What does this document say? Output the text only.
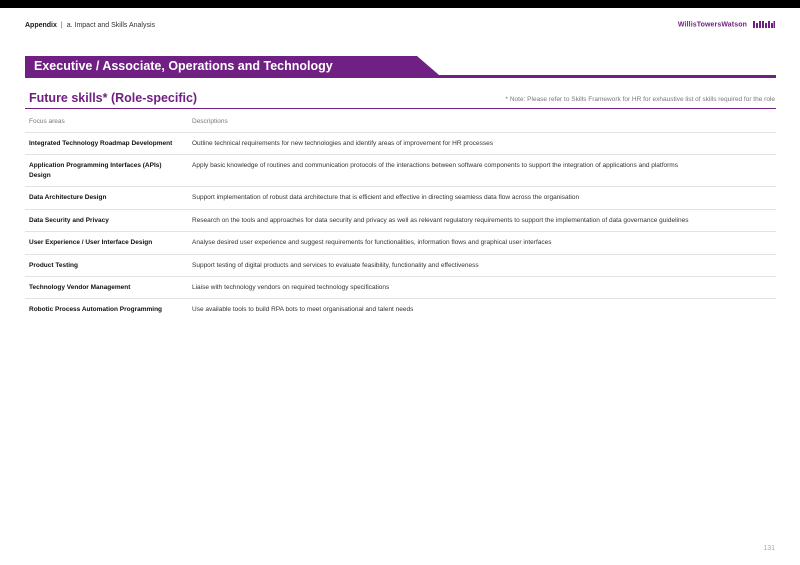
Appendix | a. Impact and Skills Analysis	WillisTowersWatson
Executive / Associate, Operations and Technology
Future skills* (Role-specific)	* Note: Please refer to Skills Framework for HR for exhaustive list of skills required for the role
Focus areas	Descriptions
Integrated Technology Roadmap Development	Outline technical requirements for new technologies and identify areas of improvement for HR processes
Application Programming Interfaces (APIs) Design	Apply basic knowledge of routines and communication protocols of the interactions between software components to support the integration of applications and platforms
Data Architecture Design	Support implementation of robust data architecture that is efficient and effective in directing seamless data flow across the organisation
Data Security and Privacy	Research on the tools and approaches for data security and privacy as well as relevant regulatory requirements to support the implementation of data governance guidelines
User Experience / User Interface Design	Analyse desired user experience and suggest requirements for functionalities, information flows and graphical user interfaces
Product Testing	Support testing of digital products and services to evaluate feasibility, functionality and effectiveness
Technology Vendor Management	Liaise with technology vendors on required technology specifications
Robotic Process Automation Programming	Use available tools to build RPA bots to meet organisational and talent needs
131
